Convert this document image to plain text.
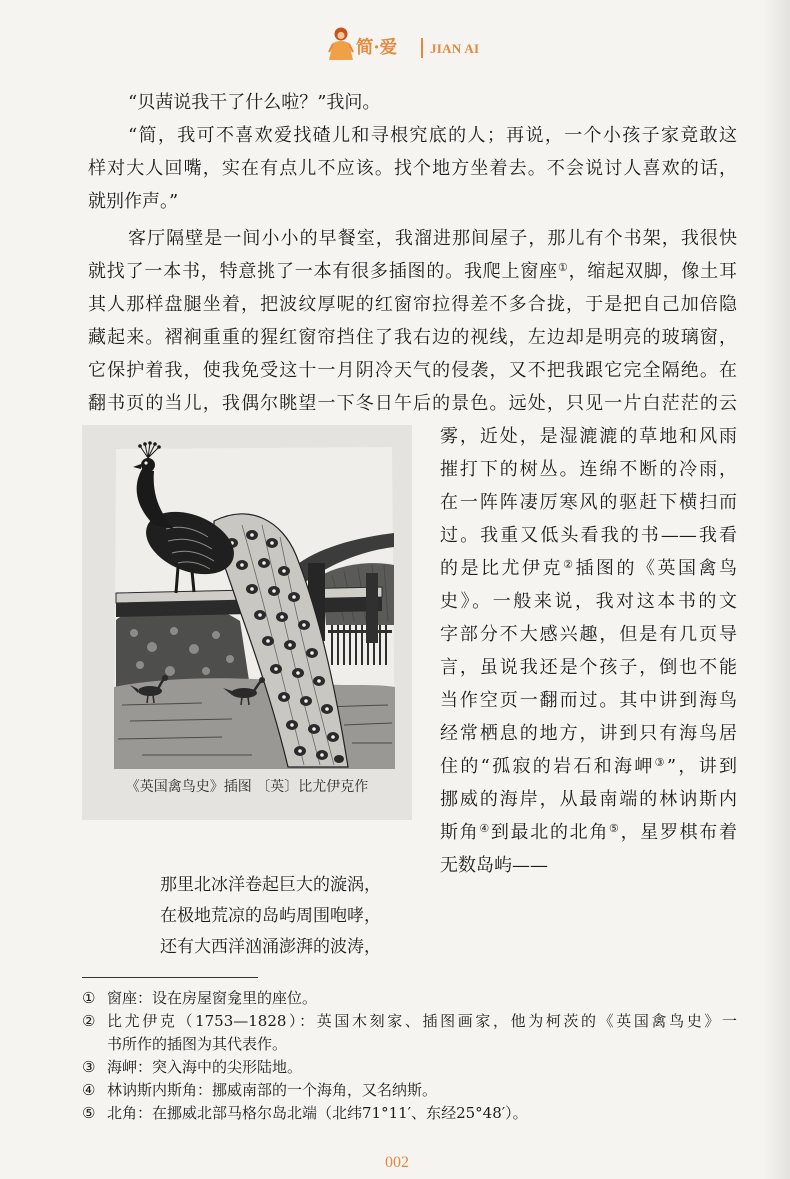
简·爱	JIAN AI
“贝茜说我干了什么啦？”我问。
“简，我可不喜欢爱找碴儿和寻根究底的人；再说，一个小孩子家竟敢这
样对大人回嘴，实在有点儿不应该。找个地方坐着去。不会说讨人喜欢的话，
就别作声。”
客厅隔壁是一间小小的早餐室，我溜进那间屋子，那儿有个书架，我很快
就找了一本书，特意挑了一本有很多插图的。我爬上窗座①，缩起双脚，像土耳
其人那样盘腿坐着，把波纹厚呢的红窗帘拉得差不多合拢，于是把自己加倍隐
藏起来。褶裥重重的猩红窗帘挡住了我右边的视线，左边却是明亮的玻璃窗，
它保护着我，使我免受这十一月阴冷天气的侵袭，又不把我跟它完全隔绝。在
翻书页的当儿，我偶尔眺望一下冬日午后的景色。远处，只见一片白茫茫的云
《英国禽鸟史》插图 〔英〕比尤伊克作
雾，近处，是湿漉漉的草地和风雨
摧打下的树丛。连绵不断的冷雨，
在一阵阵凄厉寒风的驱赶下横扫而
过。我重又低头看我的书——我看
的是比尤伊克②插图的《英国禽鸟
史》。一般来说，我对这本书的文
字部分不大感兴趣，但是有几页导
言，虽说我还是个孩子，倒也不能
当作空页一翻而过。其中讲到海鸟
经常栖息的地方，讲到只有海鸟居
住的“孤寂的岩石和海岬③”，讲到
挪威的海岸，从最南端的林讷斯内
斯角④到最北的北角⑤，星罗棋布着
无数岛屿——
那里北冰洋卷起巨大的漩涡，
在极地荒凉的岛屿周围咆哮，
还有大西洋汹涌澎湃的波涛，
① 窗座：设在房屋窗龛里的座位。
② 比尤伊克（1753—1828）：英国木刻家、插图画家，他为柯茨的《英国禽鸟史》一
书所作的插图为其代表作。
③ 海岬：突入海中的尖形陆地。
④ 林讷斯内斯角：挪威南部的一个海角，又名纳斯。
⑤ 北角：在挪威北部马格尔岛北端（北纬71°11′、东经25°48′）。
002
